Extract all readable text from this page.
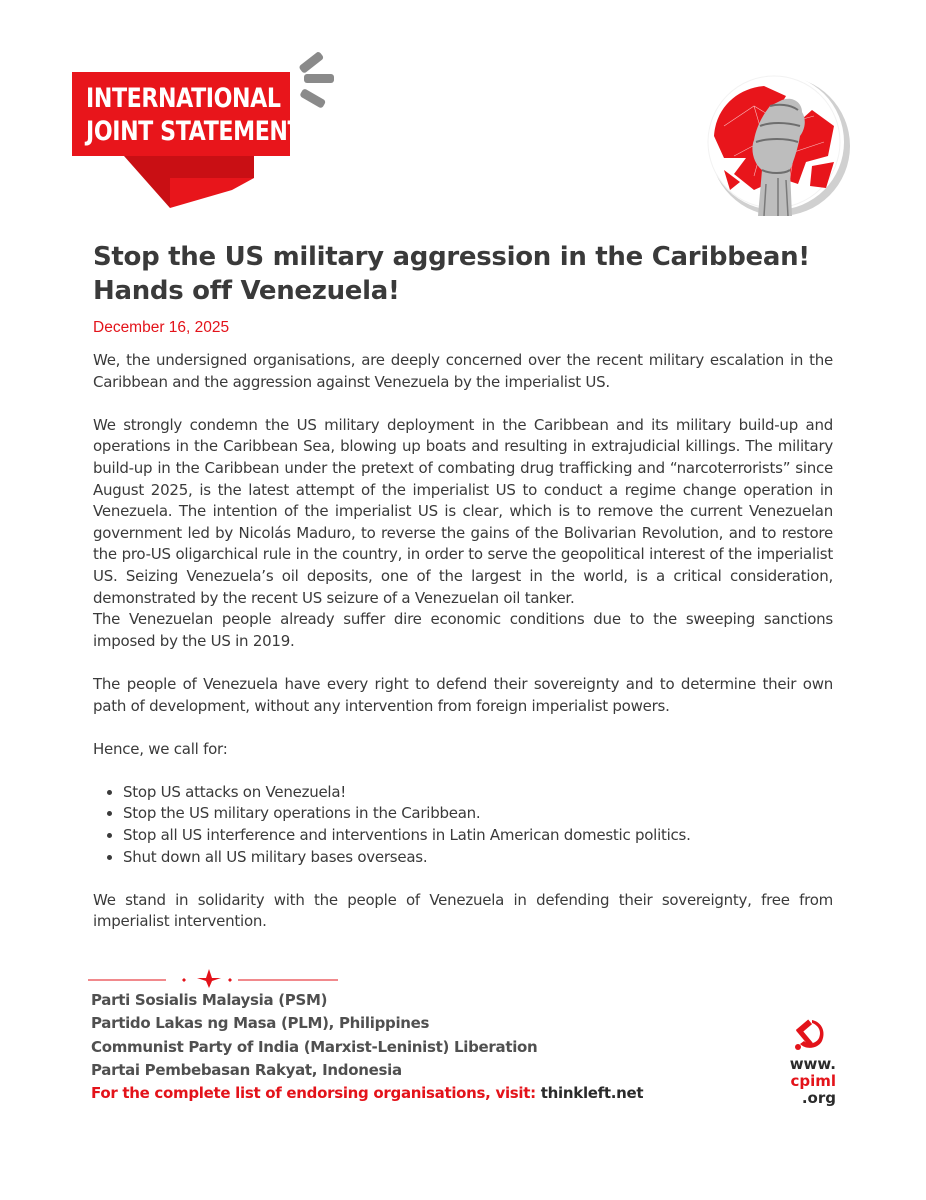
INTERNATIONAL
JOINT STATEMENT
Stop the US military aggression in the Caribbean!
Hands off Venezuela!
December 16, 2025

We, the undersigned organisations, are deeply concerned over the recent military escalation in the Caribbean and the aggression against Venezuela by the imperialist US.

We strongly condemn the US military deployment in the Caribbean and its military build-up and operations in the Caribbean Sea, blowing up boats and resulting in extrajudicial killings. The military build-up in the Caribbean under the pretext of combating drug trafficking and “narcoterrorists” since August 2025, is the latest attempt of the imperialist US to conduct a regime change operation in Venezuela. The intention of the imperialist US is clear, which is to remove the current Venezuelan government led by Nicolás Maduro, to reverse the gains of the Bolivarian Revolution, and to restore the pro-US oligarchical rule in the country, in order to serve the geopolitical interest of the imperialist US. Seizing Venezuela’s oil deposits, one of the largest in the world, is a critical consideration, demonstrated by the recent US seizure of a Venezuelan oil tanker.

The Venezuelan people already suffer dire economic conditions due to the sweeping sanctions imposed by the US in 2019.

The people of Venezuela have every right to defend their sovereignty and to determine their own path of development, without any intervention from foreign imperialist powers.

Hence, we call for:

• Stop US attacks on Venezuela!
• Stop the US military operations in the Caribbean.
• Stop all US interference and interventions in Latin American domestic politics.
• Shut down all US military bases overseas.

We stand in solidarity with the people of Venezuela in defending their sovereignty, free from imperialist intervention.

Parti Sosialis Malaysia (PSM)
Partido Lakas ng Masa (PLM), Philippines
Communist Party of India (Marxist-Leninist) Liberation
Partai Pembebasan Rakyat, Indonesia
For the complete list of endorsing organisations, visit: thinkleft.net
www.
cpiml
.org
